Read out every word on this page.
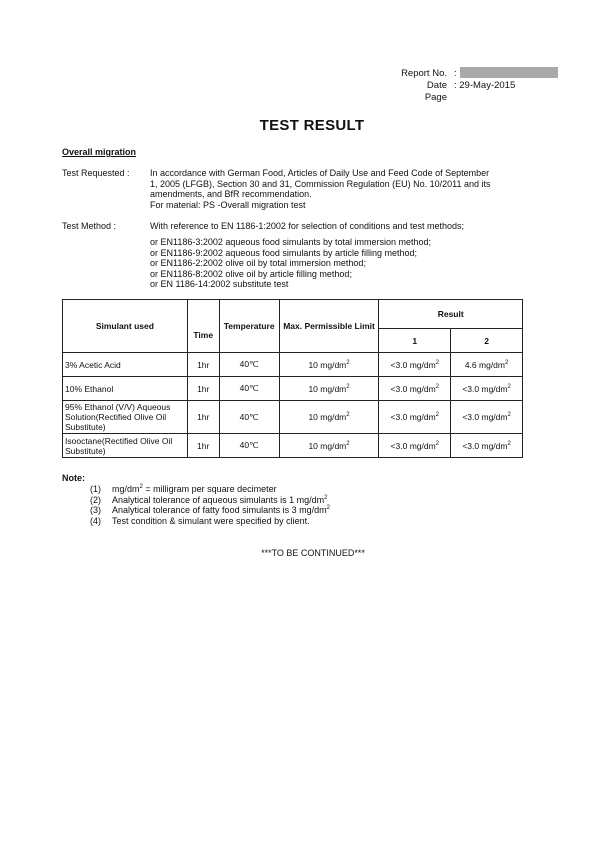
Report No. :
Date : 29-May-2015
Page
TEST RESULT
Overall migration
Test Requested : In accordance with German Food, Articles of Daily Use and Feed Code of September
1, 2005 (LFGB), Section 30 and 31, Commission Regulation (EU) No. 10/2011 and its
amendments, and BfR recommendation.
For material: PS -Overall migration test
Test Method :	With reference to EN 1186-1:2002 for selection of conditions and test methods;
or EN1186-3:2002 aqueous food simulants by total immersion method;
or EN1186-9:2002 aqueous food simulants by article filling method;
or EN1186-2:2002 olive oil by total immersion method;
or EN1186-8:2002 olive oil by article filling method;
or EN 1186-14:2002 substitute test
Simulant used	Time	Temperature	Max. Permissible Limit	Result	
				1	2
3% Acetic Acid	1hr	40℃	10 $mg/dm^2$	<3.0 $mg/dm^2$	4.6 $mg/dm^2$
10% Ethanol	1hr	40℃	10 $mg/dm^2$	<3.0 $mg/dm^2$	<3.0 $mg/dm^2$
95% Ethanol (V/V) Aqueous Solution(Rectified Olive Oil Substitute)	1hr	40℃	10 $mg/dm^2$	<3.0 $mg/dm^2$	<3.0 $mg/dm^2$
Isooctane(Rectified Olive Oil Substitute)	1hr	40℃	10 $mg/dm^2$	<3.0 $mg/dm^2$	<3.0 $mg/dm^2$
Note:
(1) $mg/dm^2$ = milligram per square decimeter
(2) Analytical tolerance of aqueous simulants is 1 $mg/dm^2$
(3) Analytical tolerance of fatty food simulants is 3 $mg/dm^2$
(4) Test condition & simulant were specified by client.
***TO BE CONTINUED***
